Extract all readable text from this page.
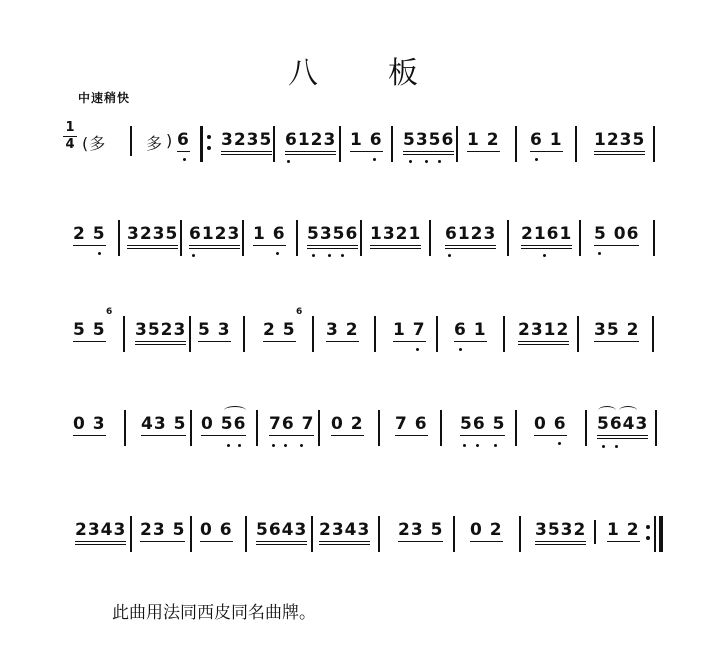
八 板
中速稍快
1
4 (多 多 ) 6 3235 6123 1 6 5356 1 2 6 1 1235
2 5 3235 6123 1 6 5356 1321 6123 2161 5 06
5 5
6
3523 5 3 2 5
6
3 2 1 7 6 1 2312 35 2
0 3 43 5 0 56 76 7 0 2 7 6 56 5 0 6 5643
2343 23 5 0 6 5643 2343 23 5 0 2 3532 1 2
此曲用法同西皮同名曲牌。
